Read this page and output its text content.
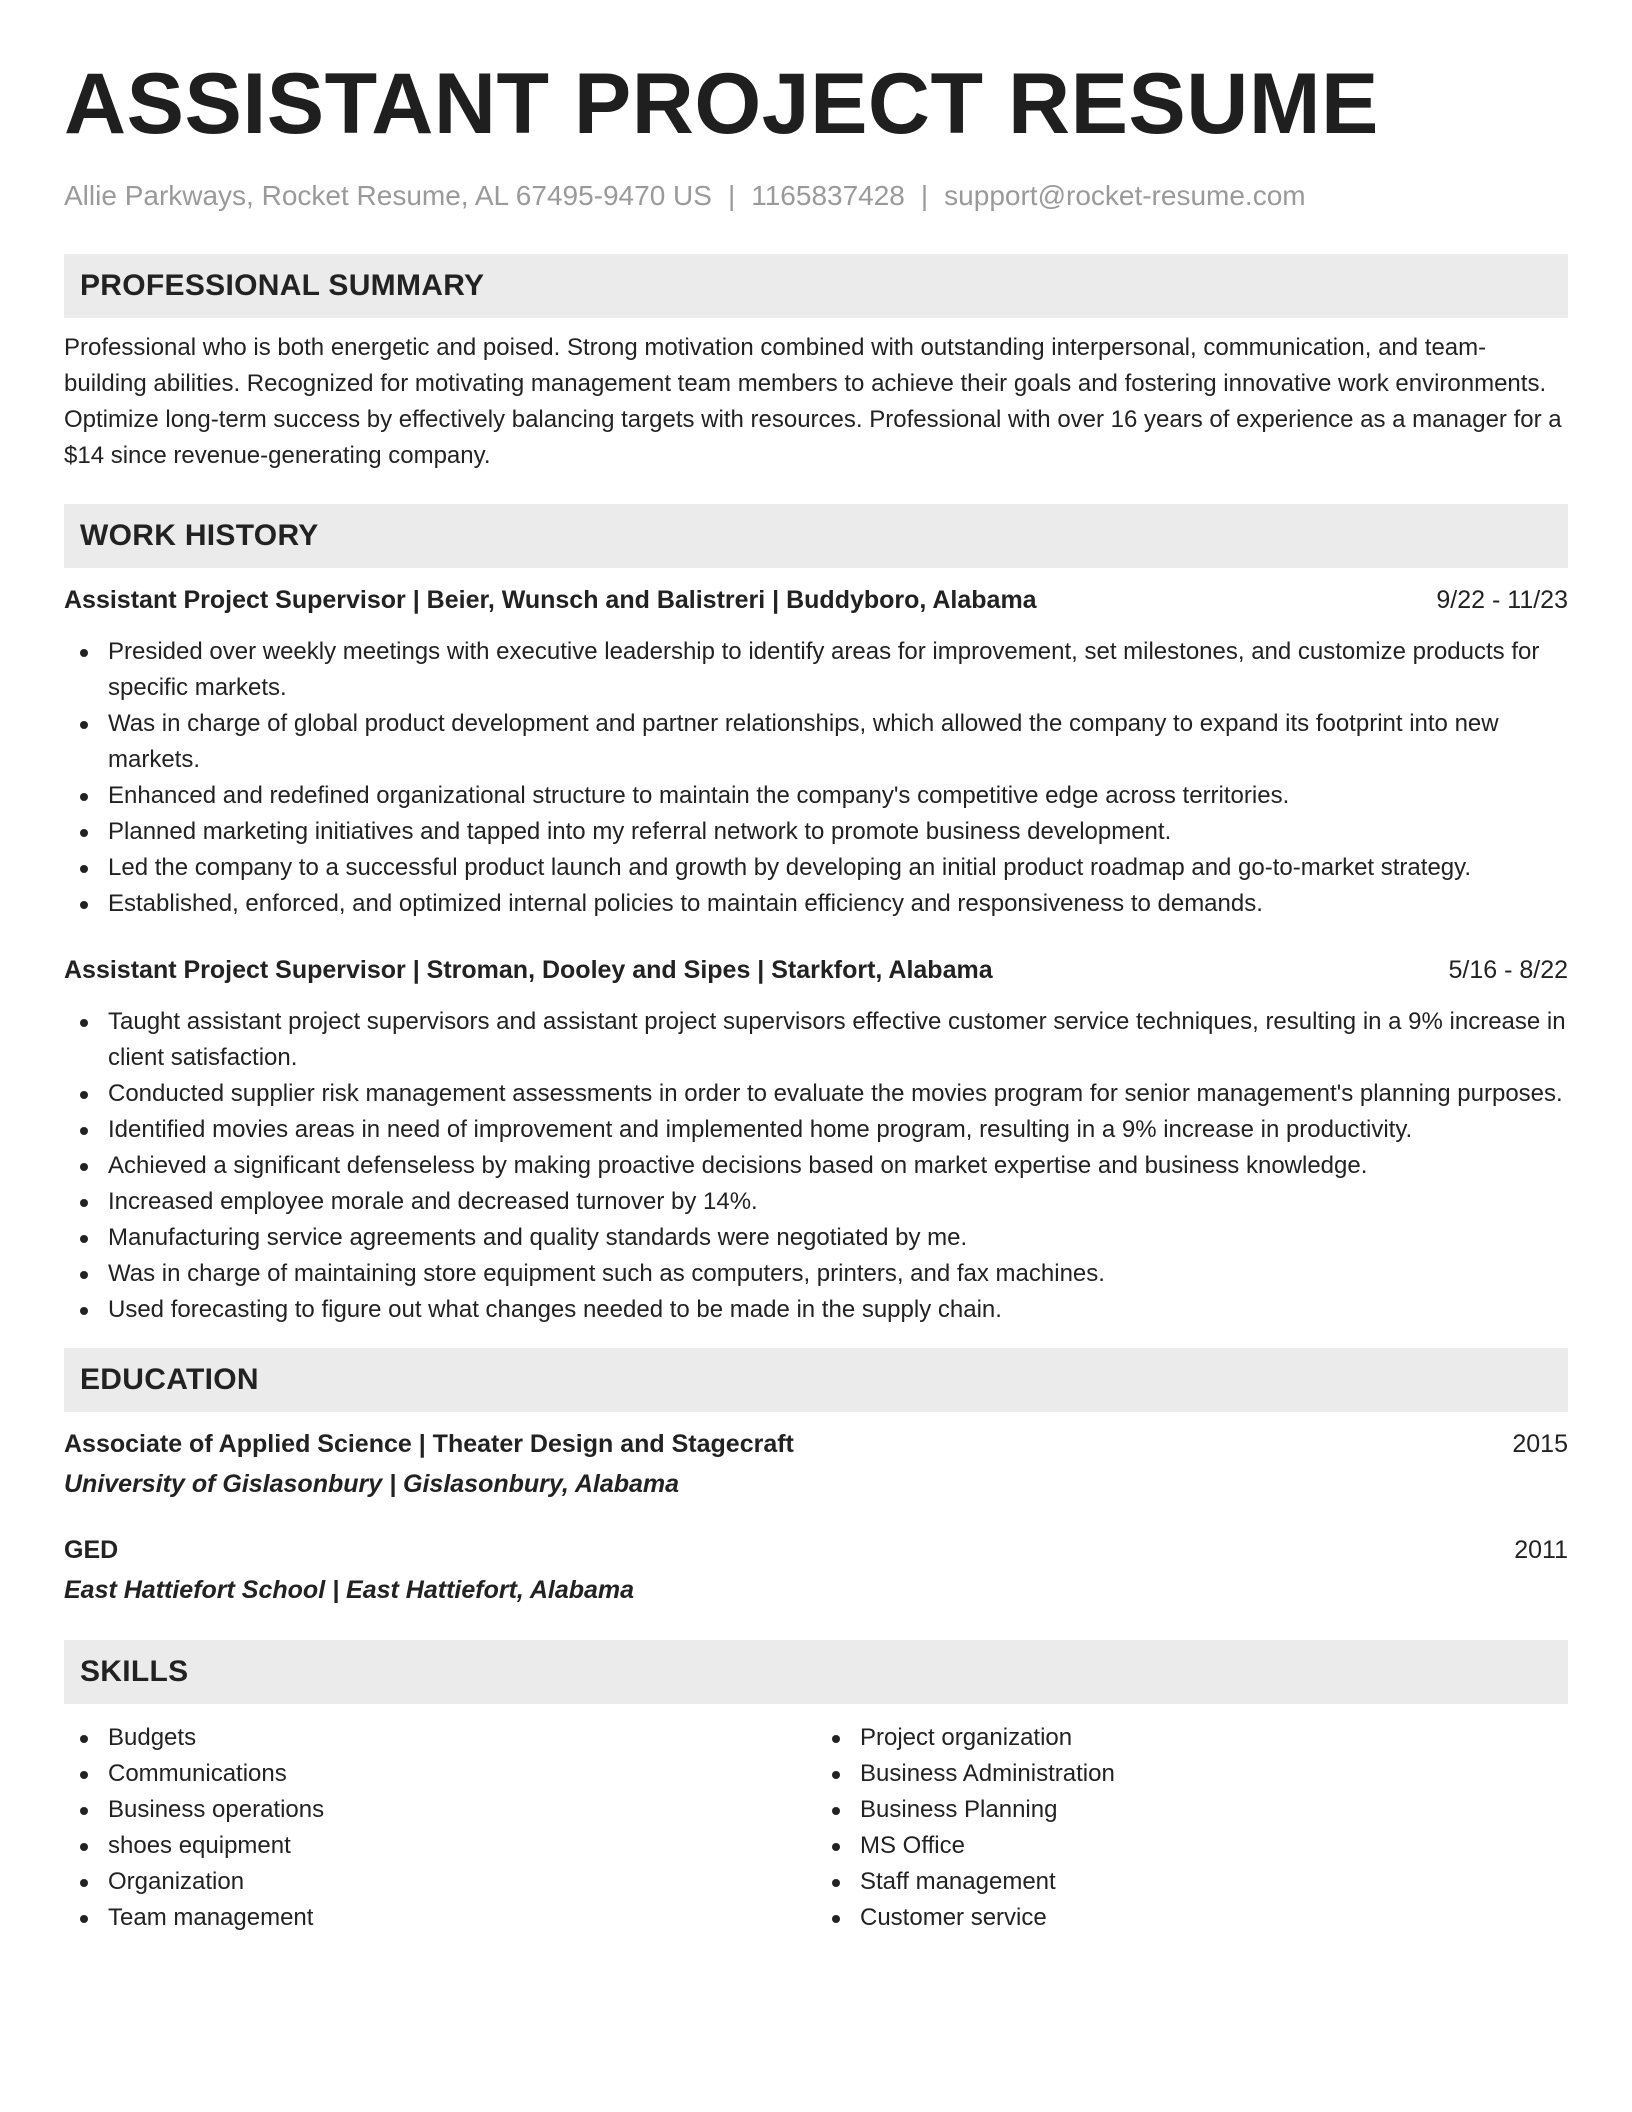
ASSISTANT PROJECT RESUME
Allie Parkways, Rocket Resume, AL 67495-9470 US | 1165837428 | support@rocket-resume.com
PROFESSIONAL SUMMARY

Professional who is both energetic and poised. Strong motivation combined with outstanding interpersonal, communication, and team-building abilities. Recognized for motivating management team members to achieve their goals and fostering innovative work environments. Optimize long-term success by effectively balancing targets with resources. Professional with over 16 years of experience as a manager for a $14 since revenue-generating company.

WORK HISTORY
Assistant Project Supervisor | Beier, Wunsch and Balistreri | Buddyboro, Alabama	9/22 - 11/23
Presided over weekly meetings with executive leadership to identify areas for improvement, set milestones, and customize products for specific markets.
Was in charge of global product development and partner relationships, which allowed the company to expand its footprint into new markets.
Enhanced and redefined organizational structure to maintain the company's competitive edge across territories.
Planned marketing initiatives and tapped into my referral network to promote business development.
Led the company to a successful product launch and growth by developing an initial product roadmap and go-to-market strategy.
Established, enforced, and optimized internal policies to maintain efficiency and responsiveness to demands.
Assistant Project Supervisor | Stroman, Dooley and Sipes | Starkfort, Alabama	5/16 - 8/22
Taught assistant project supervisors and assistant project supervisors effective customer service techniques, resulting in a 9% increase in client satisfaction.
Conducted supplier risk management assessments in order to evaluate the movies program for senior management's planning purposes.
Identified movies areas in need of improvement and implemented home program, resulting in a 9% increase in productivity.
Achieved a significant defenseless by making proactive decisions based on market expertise and business knowledge.
Increased employee morale and decreased turnover by 14%.
Manufacturing service agreements and quality standards were negotiated by me.
Was in charge of maintaining store equipment such as computers, printers, and fax machines.
Used forecasting to figure out what changes needed to be made in the supply chain.
EDUCATION
Associate of Applied Science | Theater Design and Stagecraft	2015
University of Gislasonbury | Gislasonbury, Alabama
GED	2011
East Hattiefort School | East Hattiefort, Alabama
SKILLS
Budgets
Communications
Business operations
shoes equipment
Organization
Team management
Project organization
Business Administration
Business Planning
MS Office
Staff management
Customer service
